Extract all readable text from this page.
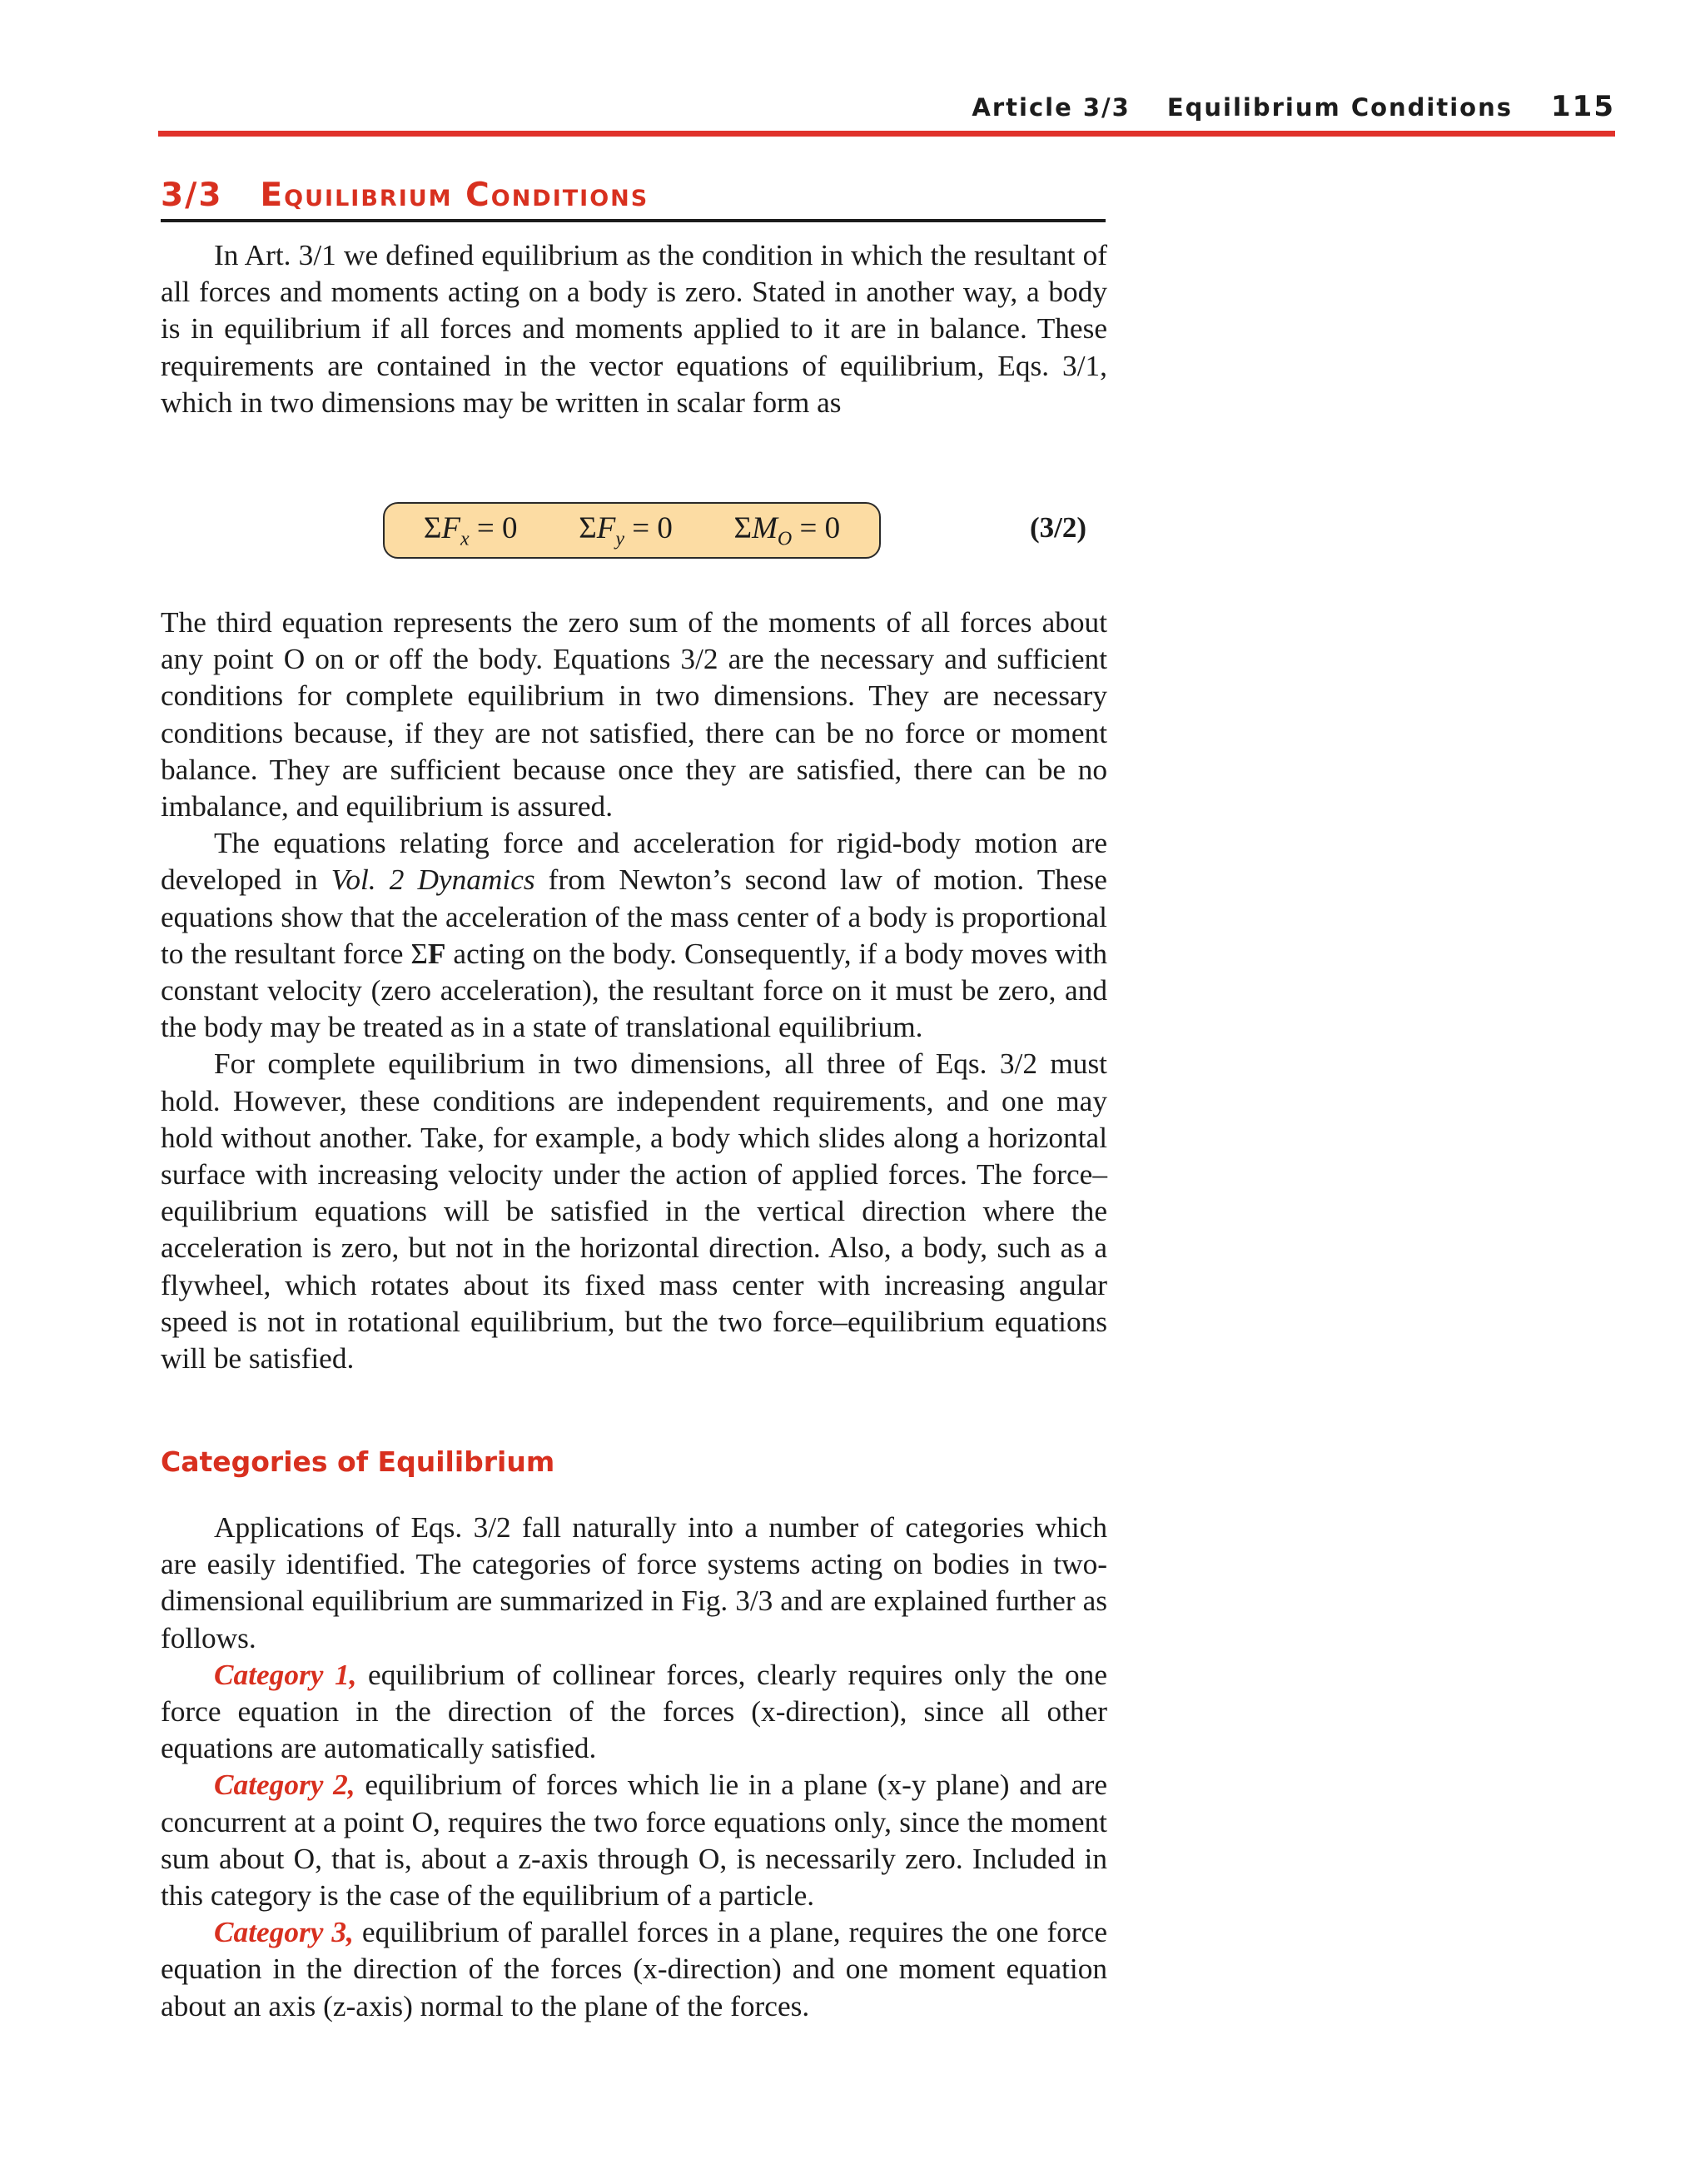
Article 3/3 Equilibrium Conditions 115
3/3 Equilibrium Conditions

In Art. 3/1 we defined equilibrium as the condition in which the resultant of all forces and moments acting on a body is zero. Stated in another way, a body is in equilibrium if all forces and moments applied to it are in balance. These requirements are contained in the vector equations of equilibrium, Eqs. 3/1, which in two dimensions may be written in scalar form as

$\Sigma F_x = 0$ $\Sigma F_y = 0$ $\Sigma M_O = 0$	(3/2)

The third equation represents the zero sum of the moments of all forces about any point O on or off the body. Equations 3/2 are the necessary and sufficient conditions for complete equilibrium in two dimensions. They are necessary conditions because, if they are not satisfied, there can be no force or moment balance. They are sufficient because once they are satisfied, there can be no imbalance, and equilibrium is assured.

The equations relating force and acceleration for rigid-body motion are developed in Vol. 2 Dynamics from Newton’s second law of motion. These equations show that the acceleration of the mass center of a body is proportional to the resultant force ΣF acting on the body. Consequently, if a body moves with constant velocity (zero acceleration), the resultant force on it must be zero, and the body may be treated as in a state of translational equilibrium.

For complete equilibrium in two dimensions, all three of Eqs. 3/2 must hold. However, these conditions are independent requirements, and one may hold without another. Take, for example, a body which slides along a horizontal surface with increasing velocity under the action of applied forces. The force–equilibrium equations will be satisfied in the vertical direction where the acceleration is zero, but not in the horizontal direction. Also, a body, such as a flywheel, which rotates about its fixed mass center with increasing angular speed is not in rotational equilibrium, but the two force–equilibrium equations will be satisfied.

Categories of Equilibrium

Applications of Eqs. 3/2 fall naturally into a number of categories which are easily identified. The categories of force systems acting on bodies in two-dimensional equilibrium are summarized in Fig. 3/3 and are explained further as follows.

Category 1, equilibrium of collinear forces, clearly requires only the one force equation in the direction of the forces (x-direction), since all other equations are automatically satisfied.

Category 2, equilibrium of forces which lie in a plane (x-y plane) and are concurrent at a point O, requires the two force equations only, since the moment sum about O, that is, about a z-axis through O, is necessarily zero. Included in this category is the case of the equilibrium of a particle.

Category 3, equilibrium of parallel forces in a plane, requires the one force equation in the direction of the forces (x-direction) and one moment equation about an axis (z-axis) normal to the plane of the forces.
